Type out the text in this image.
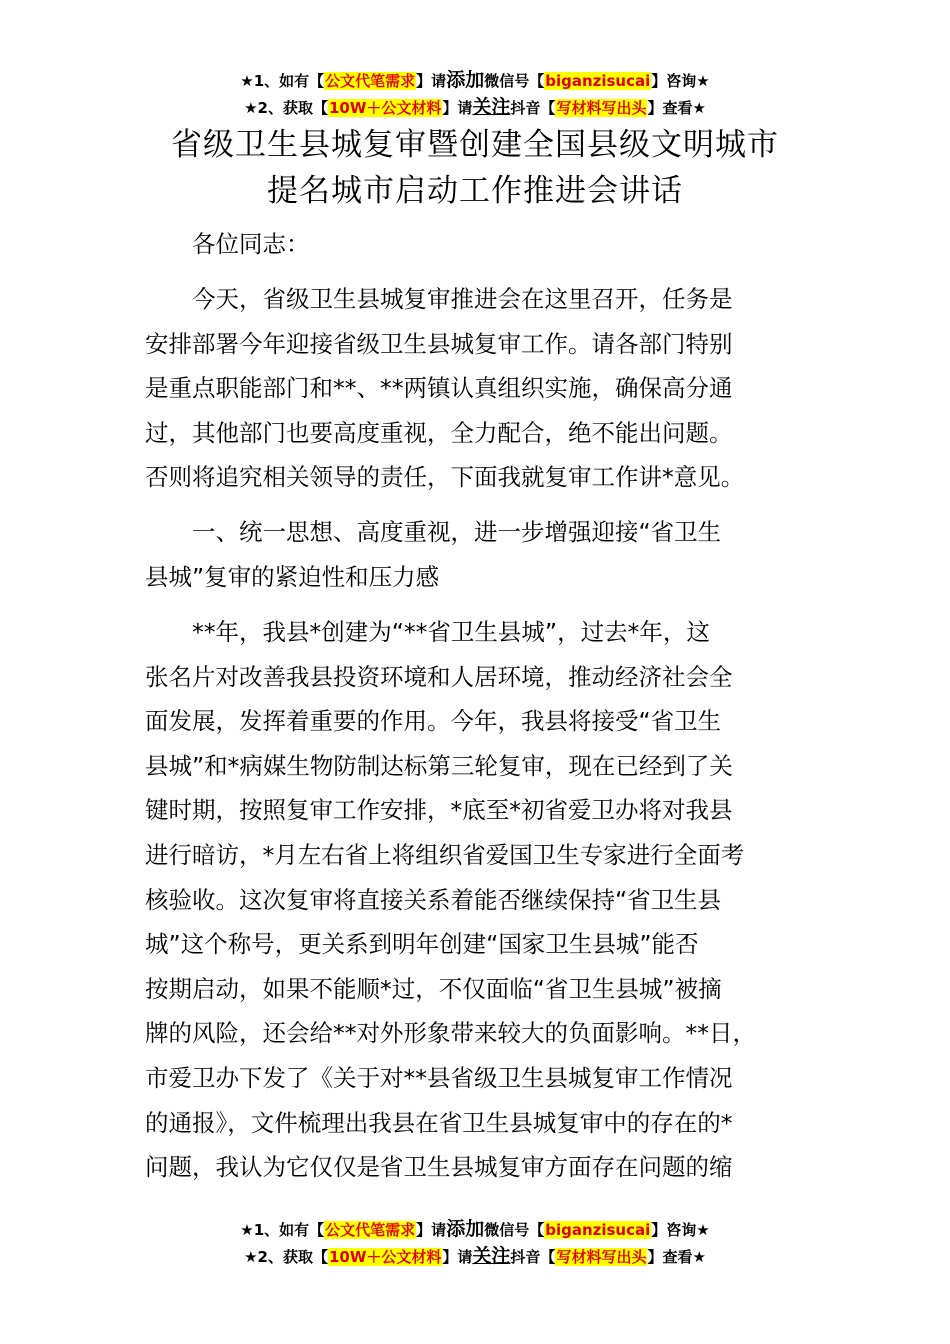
★1、如有【公文代笔需求】请添加微信号【biganzisucai】咨询★
★2、获取【10W＋公文材料】请关注抖音【写材料写出头】查看★
省级卫生县城复审暨创建全国县级文明城市
提名城市启动工作推进会讲话

各位同志：

今天，省级卫生县城复审推进会在这里召开，任务是
安排部署今年迎接省级卫生县城复审工作。请各部门特别
是重点职能部门和**、**两镇认真组织实施，确保高分通
过，其他部门也要高度重视，全力配合，绝不能出问题。
否则将追究相关领导的责任，下面我就复审工作讲*意见。

一、统一思想、高度重视，进一步增强迎接“省卫生
县城”复审的紧迫性和压力感

**年，我县*创建为“**省卫生县城”，过去*年，这
张名片对改善我县投资环境和人居环境，推动经济社会全
面发展，发挥着重要的作用。今年，我县将接受“省卫生
县城”和*病媒生物防制达标第三轮复审，现在已经到了关
键时期，按照复审工作安排，*底至*初省爱卫办将对我县
进行暗访，*月左右省上将组织省爱国卫生专家进行全面考
核验收。这次复审将直接关系着能否继续保持“省卫生县
城”这个称号，更关系到明年创建“国家卫生县城”能否
按期启动，如果不能顺*过，不仅面临“省卫生县城”被摘
牌的风险，还会给**对外形象带来较大的负面影响。**日，
市爱卫办下发了《关于对**县省级卫生县城复审工作情况
的通报》，文件梳理出我县在省卫生县城复审中的存在的*
问题，我认为它仅仅是省卫生县城复审方面存在问题的缩

★1、如有【公文代笔需求】请添加微信号【biganzisucai】咨询★
★2、获取【10W＋公文材料】请关注抖音【写材料写出头】查看★
